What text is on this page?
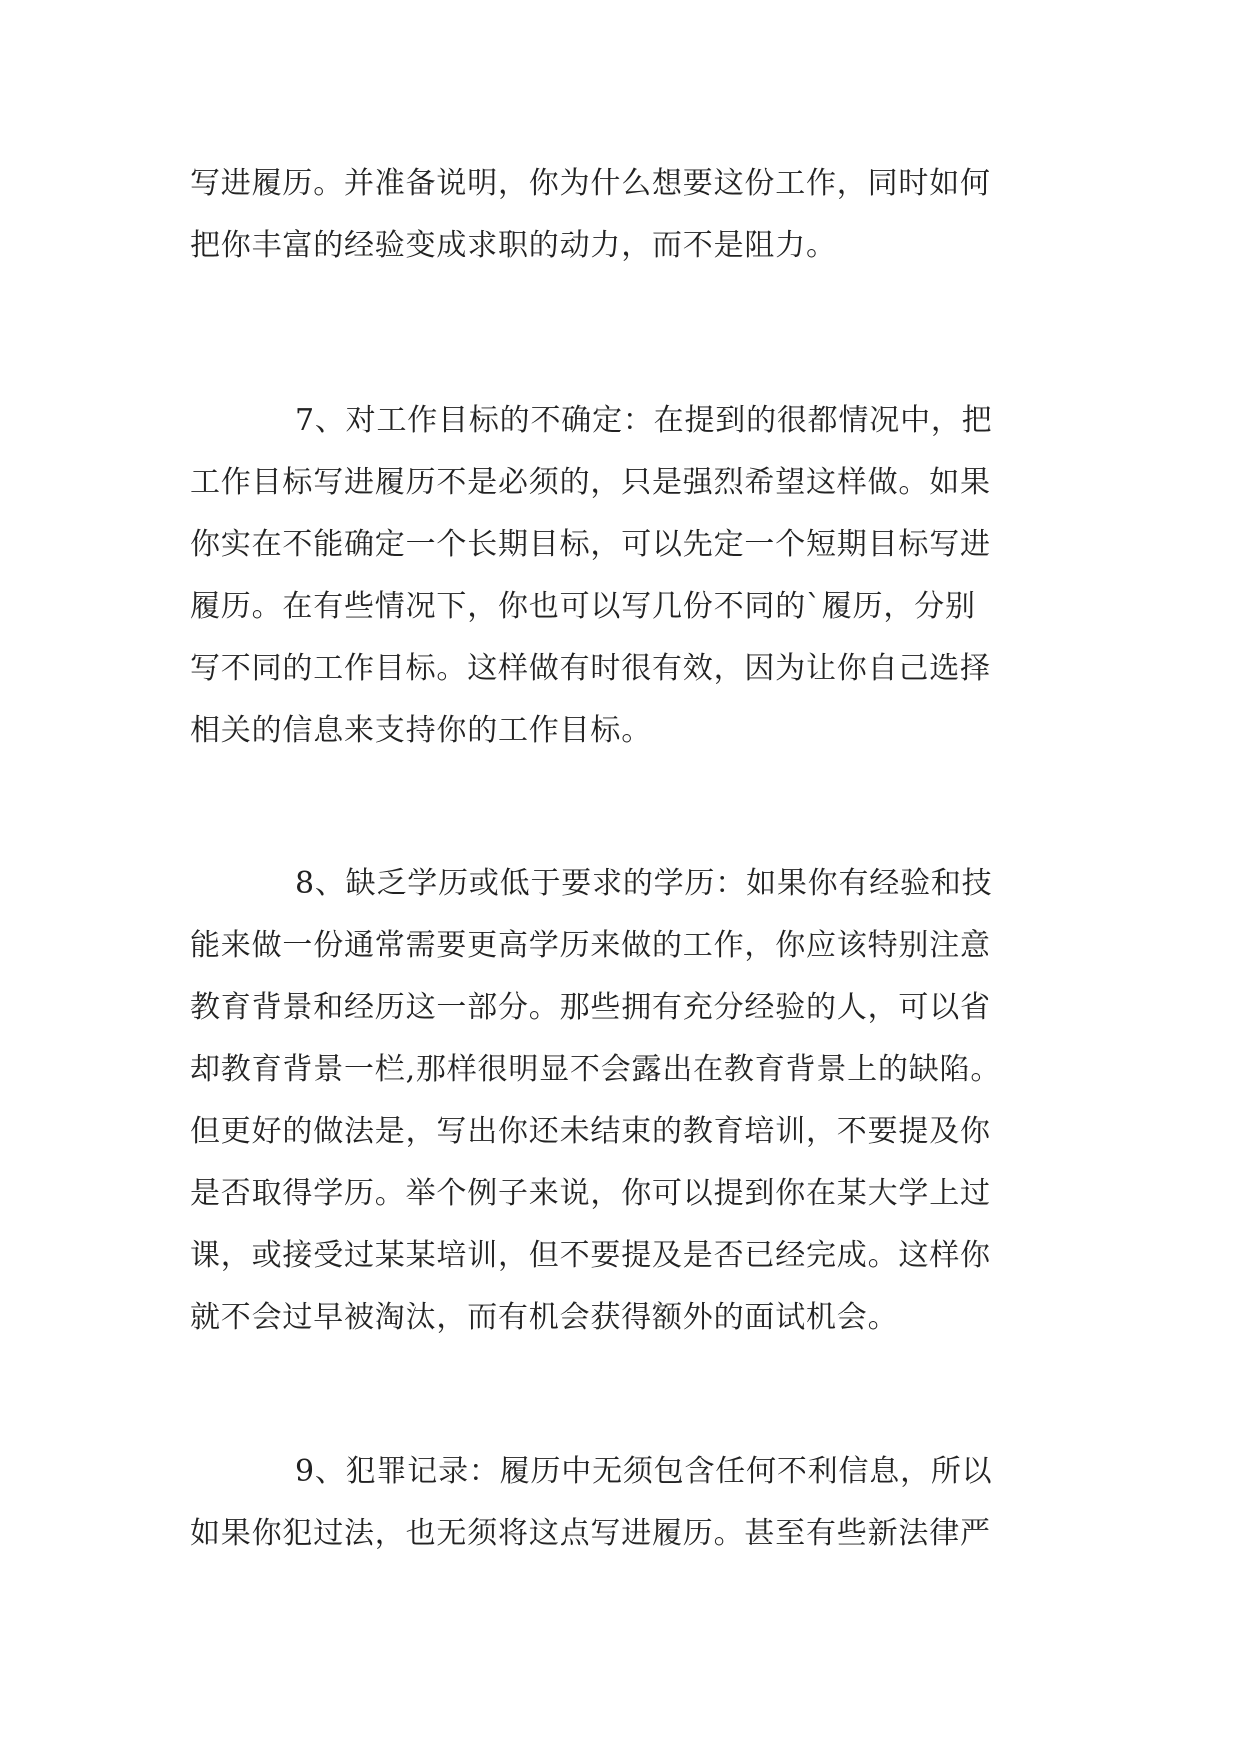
写进履历。并准备说明，你为什么想要这份工作，同时如何
把你丰富的经验变成求职的动力，而不是阻力。
7、对工作目标的不确定：在提到的很都情况中，把
工作目标写进履历不是必须的，只是强烈希望这样做。如果
你实在不能确定一个长期目标，可以先定一个短期目标写进
履历。在有些情况下，你也可以写几份不同的`履历，分别
写不同的工作目标。这样做有时很有效，因为让你自己选择
相关的信息来支持你的工作目标。
8、缺乏学历或低于要求的学历：如果你有经验和技
能来做一份通常需要更高学历来做的工作，你应该特别注意
教育背景和经历这一部分。那些拥有充分经验的人，可以省
却教育背景一栏,那样很明显不会露出在教育背景上的缺陷。
但更好的做法是，写出你还未结束的教育培训，不要提及你
是否取得学历。举个例子来说，你可以提到你在某大学上过
课，或接受过某某培训，但不要提及是否已经完成。这样你
就不会过早被淘汰，而有机会获得额外的面试机会。
9、犯罪记录：履历中无须包含任何不利信息，所以
如果你犯过法，也无须将这点写进履历。甚至有些新法律严
